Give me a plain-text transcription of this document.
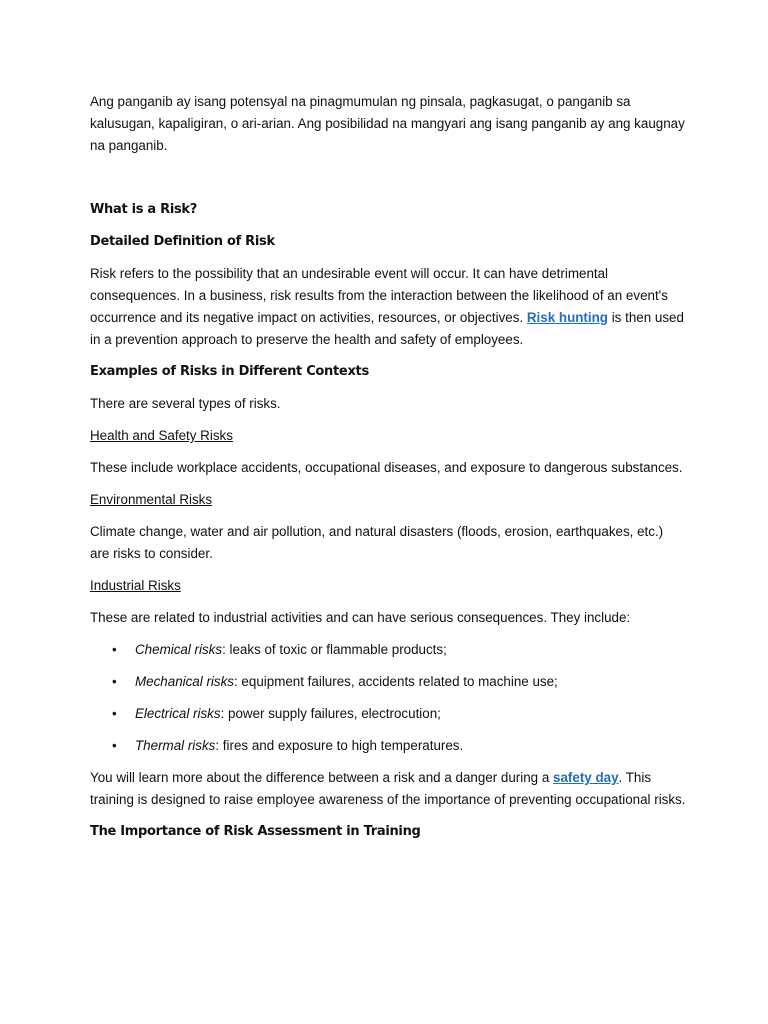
Ang panganib ay isang potensyal na pinagmumulan ng pinsala, pagkasugat, o panganib sa kalusugan, kapaligiran, o ari-arian. Ang posibilidad na mangyari ang isang panganib ay ang kaugnay na panganib.

What is a Risk?

Detailed Definition of Risk

Risk refers to the possibility that an undesirable event will occur. It can have detrimental consequences. In a business, risk results from the interaction between the likelihood of an event's occurrence and its negative impact on activities, resources, or objectives. Risk hunting is then used in a prevention approach to preserve the health and safety of employees.

Examples of Risks in Different Contexts

There are several types of risks.

Health and Safety Risks

These include workplace accidents, occupational diseases, and exposure to dangerous substances.

Environmental Risks

Climate change, water and air pollution, and natural disasters (floods, erosion, earthquakes, etc.) are risks to consider.

Industrial Risks

These are related to industrial activities and can have serious consequences. They include:

• Chemical risks: leaks of toxic or flammable products;
• Mechanical risks: equipment failures, accidents related to machine use;
• Electrical risks: power supply failures, electrocution;
• Thermal risks: fires and exposure to high temperatures.

You will learn more about the difference between a risk and a danger during a safety day. This training is designed to raise employee awareness of the importance of preventing occupational risks.

The Importance of Risk Assessment in Training
